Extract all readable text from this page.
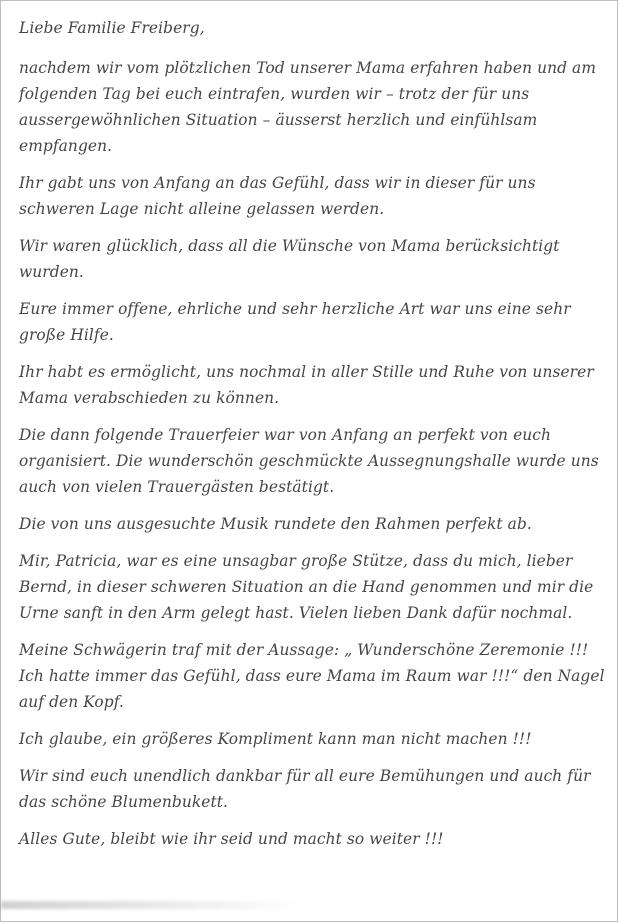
Liebe Familie Freiberg,

nachdem wir vom plötzlichen Tod unserer Mama erfahren haben und am folgenden Tag bei euch eintrafen, wurden wir – trotz der für uns aussergewöhnlichen Situation – äusserst herzlich und einfühlsam empfangen.

Ihr gabt uns von Anfang an das Gefühl, dass wir in dieser für uns schweren Lage nicht alleine gelassen werden.

Wir waren glücklich, dass all die Wünsche von Mama berücksichtigt wurden.

Eure immer offene, ehrliche und sehr herzliche Art war uns eine sehr große Hilfe.

Ihr habt es ermöglicht, uns nochmal in aller Stille und Ruhe von unserer Mama verabschieden zu können.

Die dann folgende Trauerfeier war von Anfang an perfekt von euch organisiert. Die wunderschön geschmückte Aussegnungshalle wurde uns auch von vielen Trauergästen bestätigt.

Die von uns ausgesuchte Musik rundete den Rahmen perfekt ab.

Mir, Patricia, war es eine unsagbar große Stütze, dass du mich, lieber Bernd, in dieser schweren Situation an die Hand genommen und mir die Urne sanft in den Arm gelegt hast. Vielen lieben Dank dafür nochmal.

Meine Schwägerin traf mit der Aussage: „ Wunderschöne Zeremonie !!! Ich hatte immer das Gefühl, dass eure Mama im Raum war !!!“ den Nagel auf den Kopf.

Ich glaube, ein größeres Kompliment kann man nicht machen !!!

Wir sind euch unendlich dankbar für all eure Bemühungen und auch für das schöne Blumenbukett.

Alles Gute, bleibt wie ihr seid und macht so weiter !!!
